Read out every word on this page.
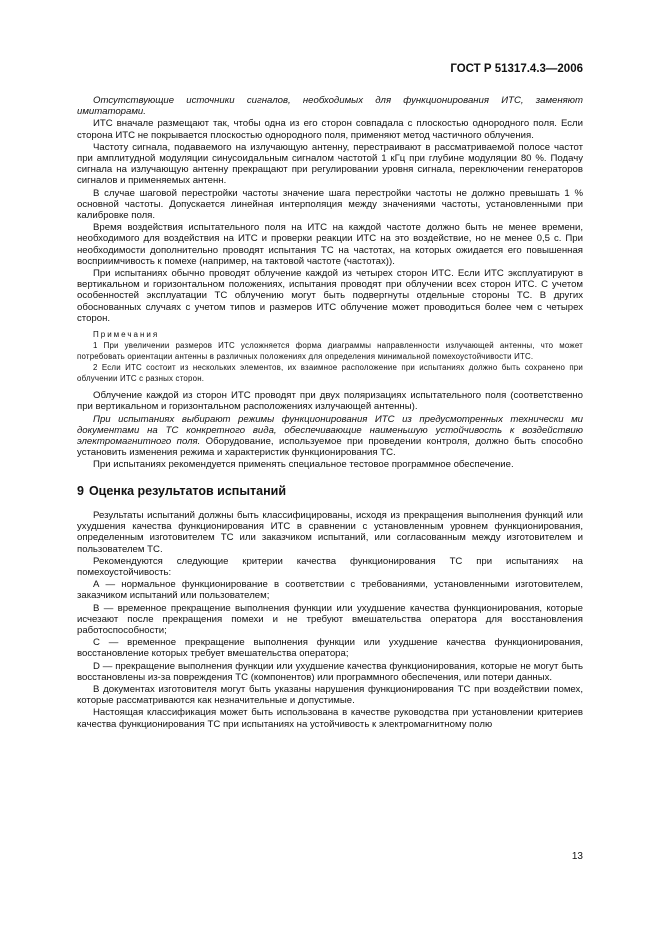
ГОСТ Р 51317.4.3—2006

Отсутствующие источники сигналов, необходимых для функционирования ИТС, заменяют имитаторами.

ИТС вначале размещают так, чтобы одна из его сторон совпадала с плоскостью однородного поля. Если сторона ИТС не покрывается плоскостью однородного поля, применяют метод частичного облучения.

Частоту сигнала, подаваемого на излучающую антенну, перестраивают в рассматриваемой полосе частот при амплитудной модуляции синусоидальным сигналом частотой 1 кГц при глубине модуляции 80 %. Подачу сигнала на излучающую антенну прекращают при регулировании уровня сигнала, переключении генераторов сигналов и применяемых антенн.

В случае шаговой перестройки частоты значение шага перестройки частоты не должно превышать 1 % основной частоты. Допускается линейная интерполяция между значениями частоты, установленными при калибровке поля.

Время воздействия испытательного поля на ИТС на каждой частоте должно быть не менее времени, необходимого для воздействия на ИТС и проверки реакции ИТС на это воздействие, но не менее 0,5 с. При необходимости дополнительно проводят испытания ТС на частотах, на которых ожидается его повышенная восприимчивость к помехе (например, на тактовой частоте (частотах)).

При испытаниях обычно проводят облучение каждой из четырех сторон ИТС. Если ИТС эксплуатируют в вертикальном и горизонтальном положениях, испытания проводят при облучении всех сторон ИТС. С учетом особенностей эксплуатации ТС облучению могут быть подвергнуты отдельные стороны ТС. В других обоснованных случаях с учетом типов и размеров ИТС облучение может проводиться более чем с четырех сторон.

Примечания

1 При увеличении размеров ИТС усложняется форма диаграммы направленности излучающей антенны, что может потребовать ориентации антенны в различных положениях для определения минимальной помехоустойчивости ИТС.

2 Если ИТС состоит из нескольких элементов, их взаимное расположение при испытаниях должно быть сохранено при облучении ИТС с разных сторон.

Облучение каждой из сторон ИТС проводят при двух поляризациях испытательного поля (соответственно при вертикальном и горизонтальном расположениях излучающей антенны).

При испытаниях выбирают режимы функционирования ИТС из предусмотренных технически ми документами на ТС конкретного вида, обеспечивающие наименьшую устойчивость к воздействию электромагнитного поля. Оборудование, используемое при проведении контроля, должно быть способно установить изменения режима и характеристик функционирования ТС.

При испытаниях рекомендуется применять специальное тестовое программное обеспечение.

9 Оценка результатов испытаний

Результаты испытаний должны быть классифицированы, исходя из прекращения выполнения функций или ухудшения качества функционирования ИТС в сравнении с установленным уровнем функционирования, определенным изготовителем ТС или заказчиком испытаний, или согласованным между изготовителем и пользователем ТС.

Рекомендуются следующие критерии качества функционирования ТС при испытаниях на помехоустойчивость:

А — нормальное функционирование в соответствии с требованиями, установленными изготовителем, заказчиком испытаний или пользователем;

В — временное прекращение выполнения функции или ухудшение качества функционирования, которые исчезают после прекращения помехи и не требуют вмешательства оператора для восстановления работоспособности;

С — временное прекращение выполнения функции или ухудшение качества функционирования, восстановление которых требует вмешательства оператора;

D — прекращение выполнения функции или ухудшение качества функционирования, которые не могут быть восстановлены из-за повреждения ТС (компонентов) или программного обеспечения, или потери данных.

В документах изготовителя могут быть указаны нарушения функционирования ТС при воздействии помех, которые рассматриваются как незначительные и допустимые.

Настоящая классификация может быть использована в качестве руководства при установлении критериев качества функционирования ТС при испытаниях на устойчивость к электромагнитному полю

13
